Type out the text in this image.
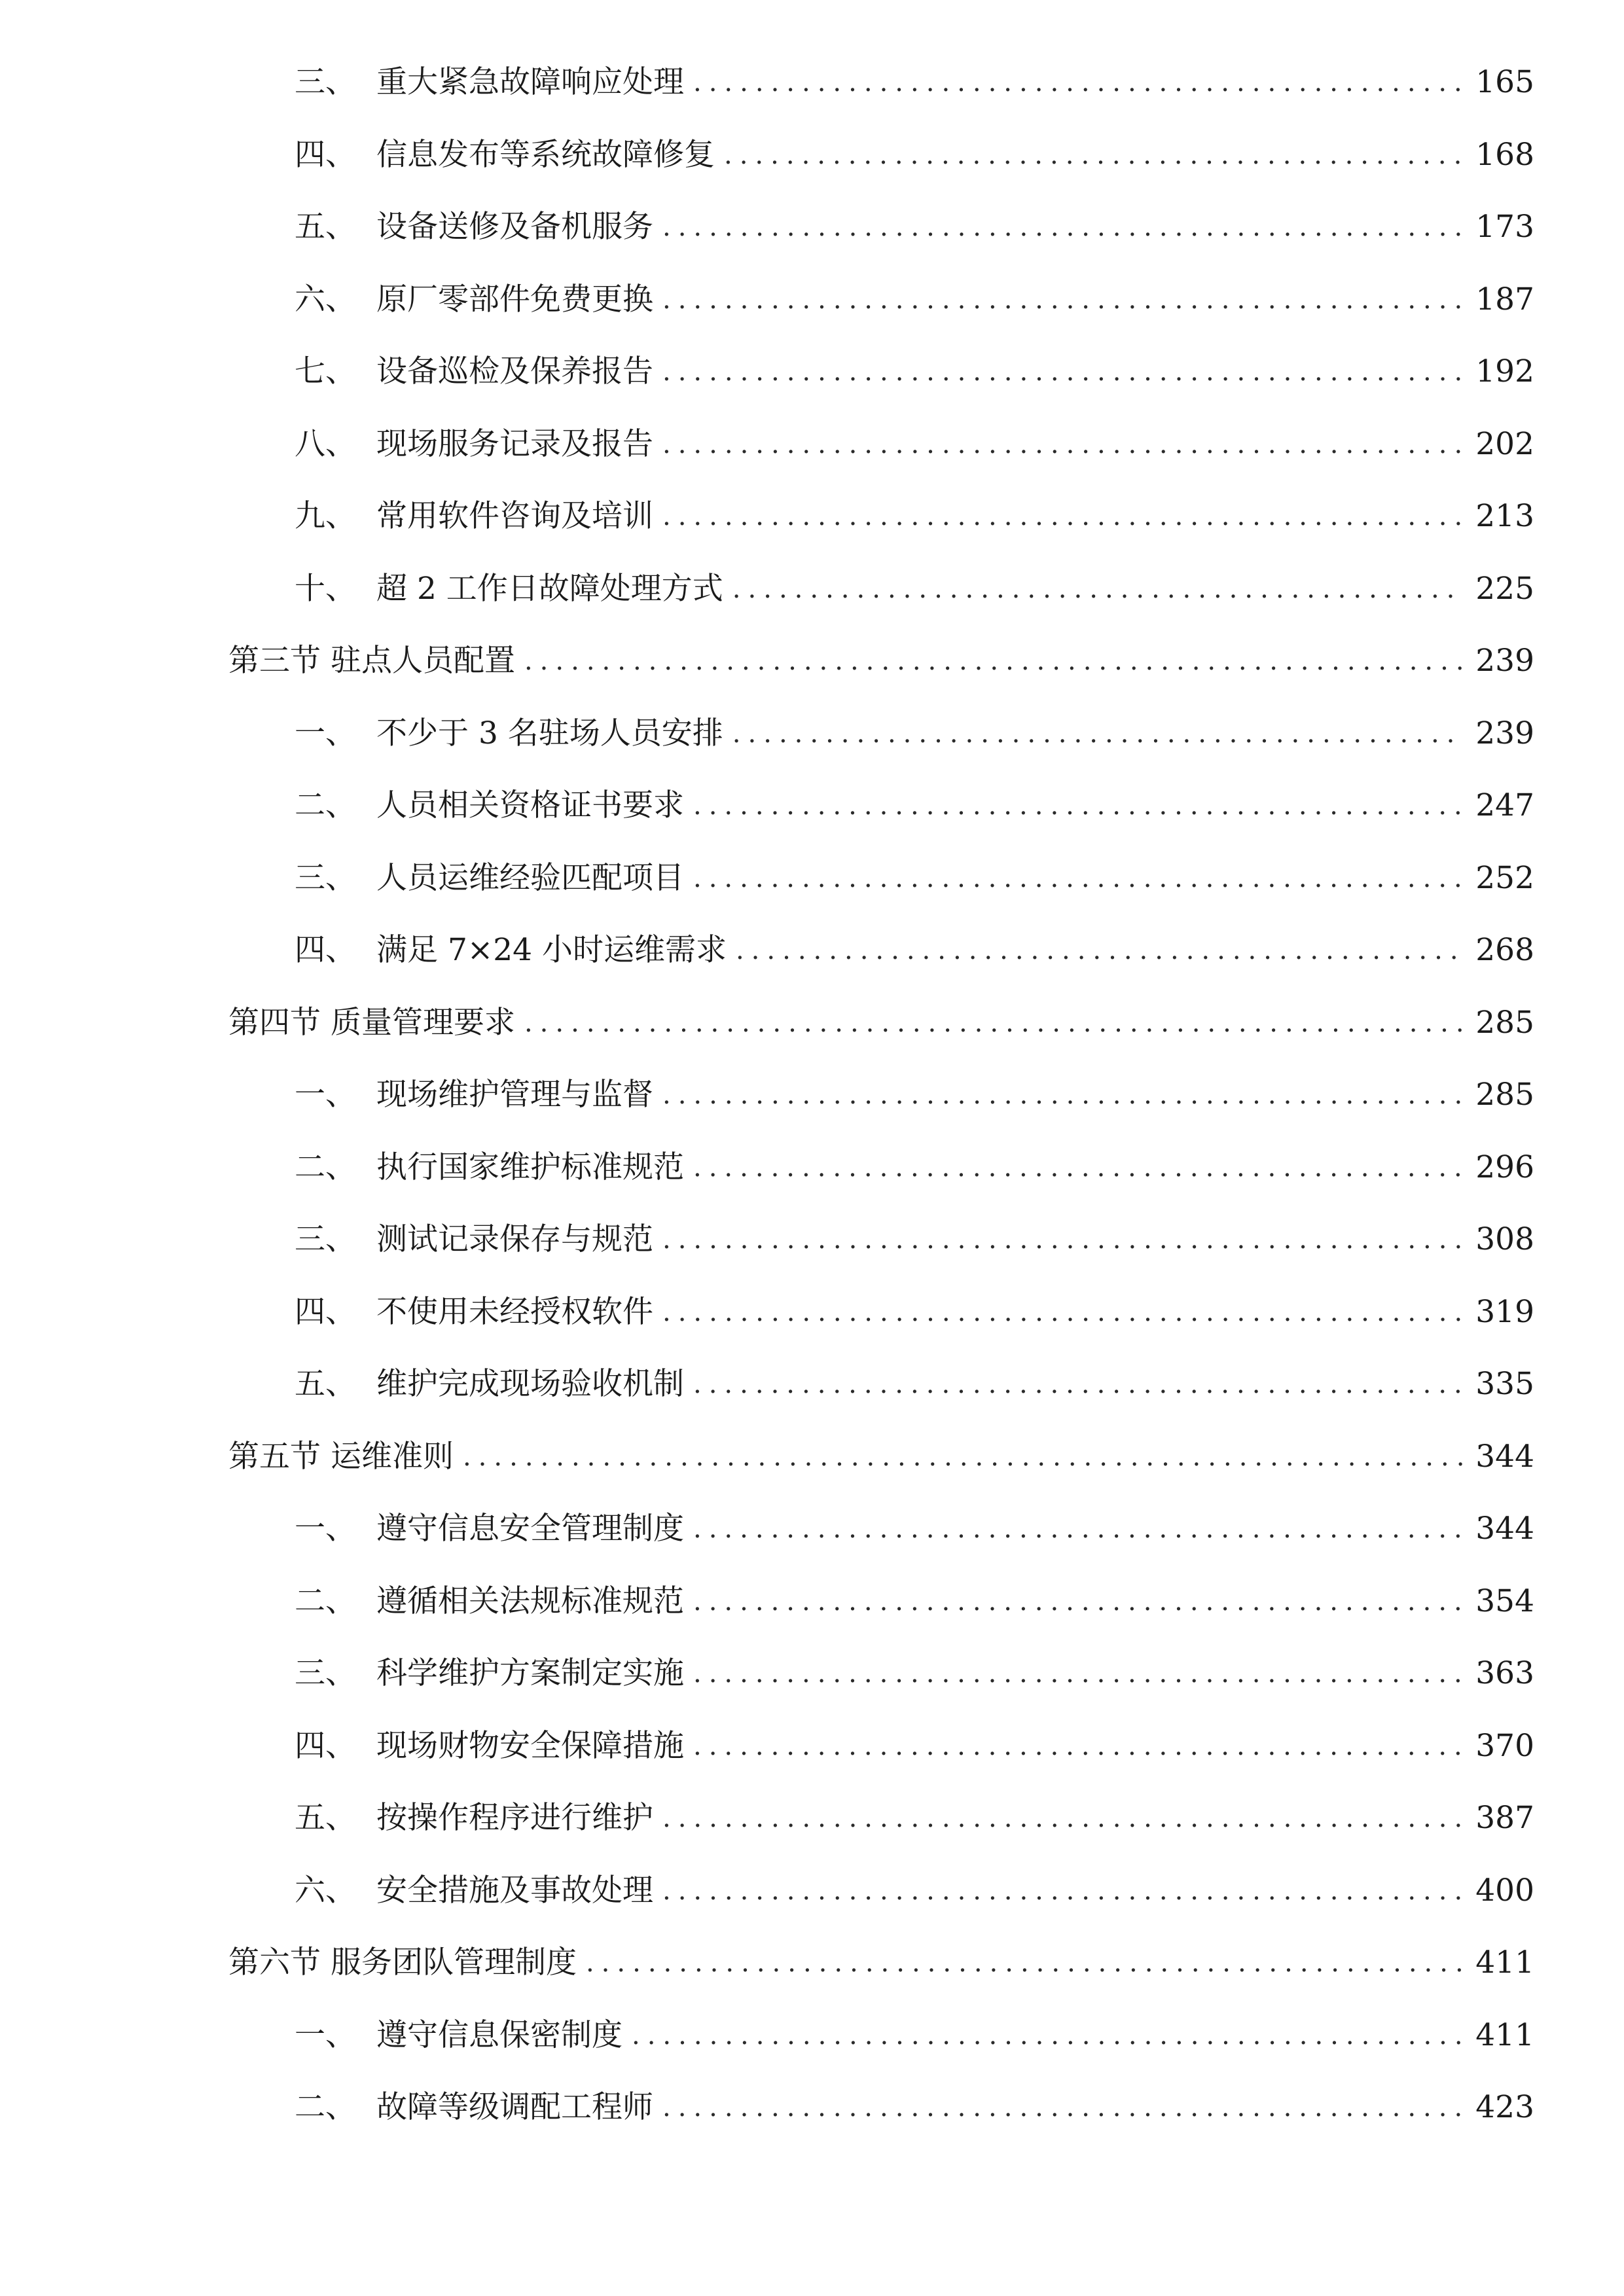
三、 重大紧急故障响应处理 .....	165
四、 信息发布等系统故障修复 .....	168
五、 设备送修及备机服务 .....	173
六、 原厂零部件免费更换 .....	187
七、 设备巡检及保养报告 .....	192
八、 现场服务记录及报告 .....	202
九、 常用软件咨询及培训 .....	213
十、 超 2 工作日故障处理方式 .....	225
第三节 驻点人员配置 .....	239
一、 不少于 3 名驻场人员安排 .....	239
二、 人员相关资格证书要求 .....	247
三、 人员运维经验匹配项目 .....	252
四、 满足 7×24 小时运维需求 .....	268
第四节 质量管理要求 .....	285
一、 现场维护管理与监督 .....	285
二、 执行国家维护标准规范 .....	296
三、 测试记录保存与规范 .....	308
四、 不使用未经授权软件 .....	319
五、 维护完成现场验收机制 .....	335
第五节 运维准则 .....	344
一、 遵守信息安全管理制度 .....	344
二、 遵循相关法规标准规范 .....	354
三、 科学维护方案制定实施 .....	363
四、 现场财物安全保障措施 .....	370
五、 按操作程序进行维护 .....	387
六、 安全措施及事故处理 .....	400
第六节 服务团队管理制度 .....	411
一、 遵守信息保密制度 .....	411
二、 故障等级调配工程师 .....	423
